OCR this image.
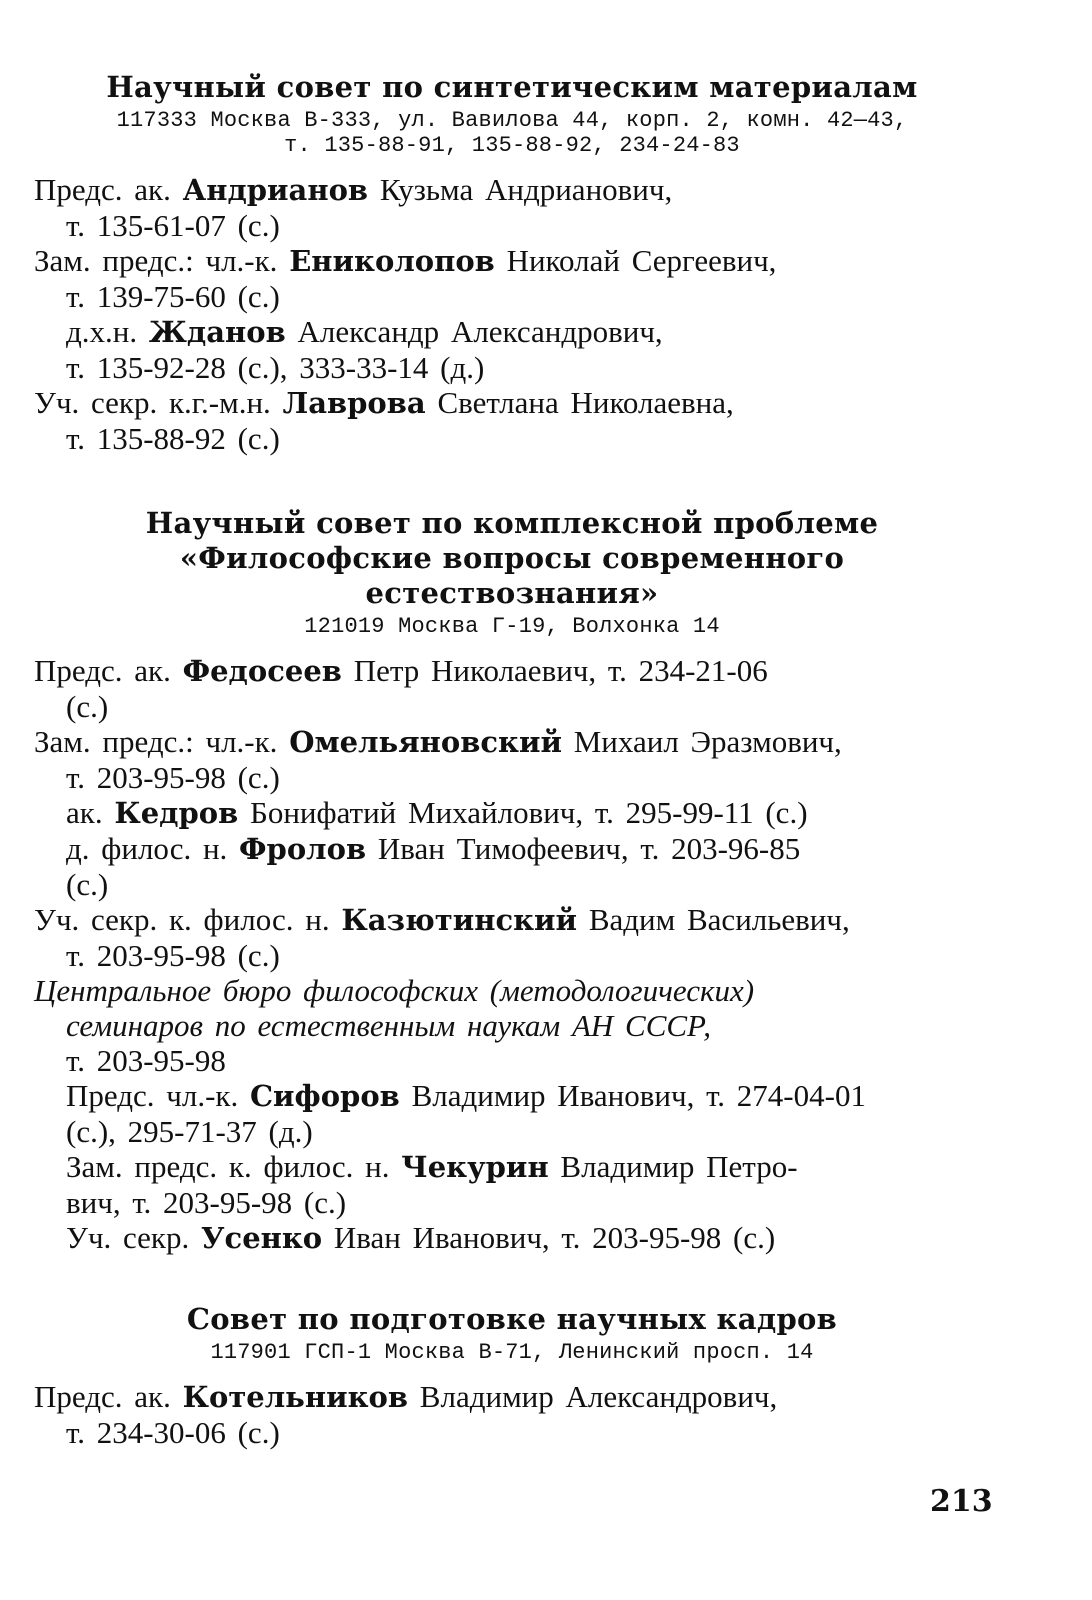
Научный совет по синтетическим материалам
117333 Москва В-333, ул. Вавилова 44, корп. 2, комн. 42—43,
т. 135-88-91, 135-88-92, 234-24-83
Предс. ак. Андрианов Кузьма Андрианович,
т. 135-61-07 (с.)
Зам. предс.: чл.-к. Ениколопов Николай Сергеевич,
т. 139-75-60 (с.)
д.х.н. Жданов Александр Александрович,
т. 135-92-28 (с.), 333-33-14 (д.)
Уч. секр. к.г.-м.н. Лаврова Светлана Николаевна,
т. 135-88-92 (с.)
Научный совет по комплексной проблеме
«Философские вопросы современного естествознания»
121019 Москва Г-19, Волхонка 14
Предс. ак. Федосеев Петр Николаевич, т. 234-21-06
(с.)
Зам. предс.: чл.-к. Омельяновский Михаил Эразмович,
т. 203-95-98 (с.)
ак. Кедров Бонифатий Михайлович, т. 295-99-11 (с.)
д. филос. н. Фролов Иван Тимофеевич, т. 203-96-85
(с.)
Уч. секр. к. филос. н. Казютинский Вадим Васильевич,
т. 203-95-98 (с.)
Центральное бюро философских (методологических)
семинаров по естественным наукам АН СССР,
т. 203-95-98
Предс. чл.-к. Сифоров Владимир Иванович, т. 274-04-01
(с.), 295-71-37 (д.)
Зам. предс. к. филос. н. Чекурин Владимир Петро-
вич, т. 203-95-98 (с.)
Уч. секр. Усенко Иван Иванович, т. 203-95-98 (с.)
Совет по подготовке научных кадров
117901 ГСП-1 Москва В-71, Ленинский просп. 14
Предс. ак. Котельников Владимир Александрович,
т. 234-30-06 (с.)
213
